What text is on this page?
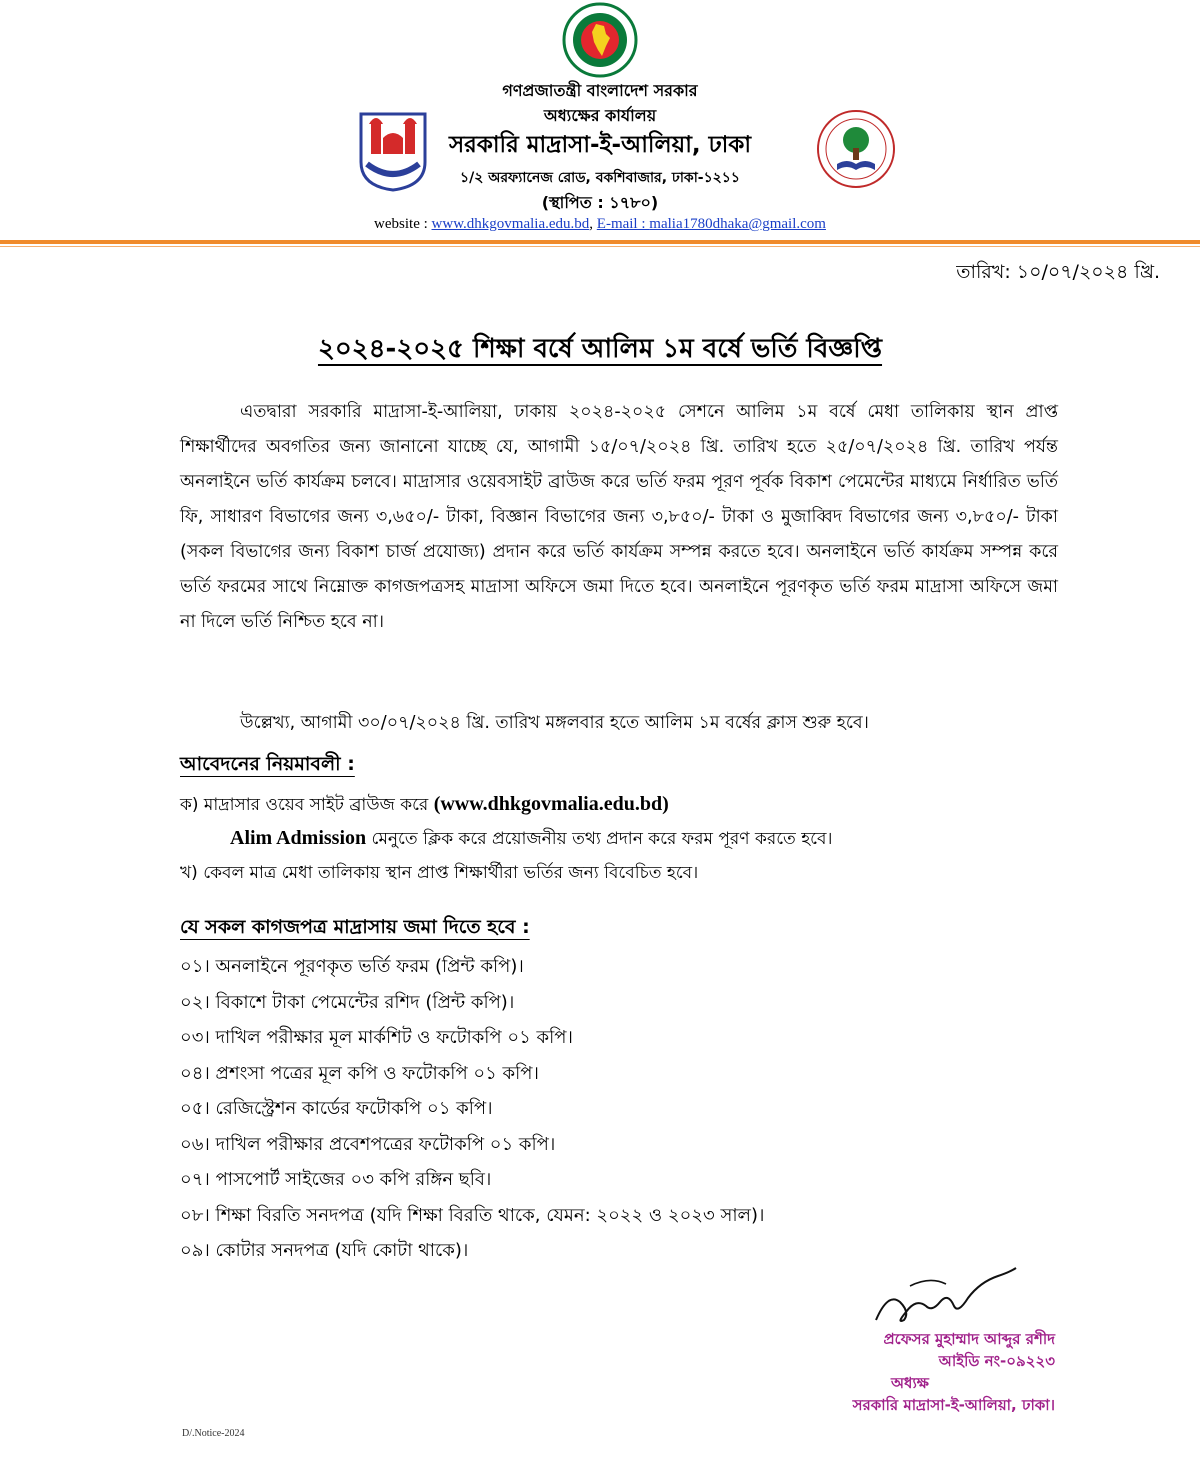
গণপ্রজাতন্ত্রী বাংলাদেশ সরকার
অধ্যক্ষের কার্যালয়
সরকারি মাদ্রাসা-ই-আলিয়া, ঢাকা
১/২ অরফ্যানেজ রোড, বকশিবাজার, ঢাকা-১২১১
(স্থাপিত : ১৭৮০)
website : www.dhkgovmalia.edu.bd, E-mail : malia1780dhaka@gmail.com
তারিখ: ১০/০৭/২০২৪ খ্রি.
২০২৪-২০২৫ শিক্ষা বর্ষে আলিম ১ম বর্ষে ভর্তি বিজ্ঞপ্তি
এতদ্বারা সরকারি মাদ্রাসা-ই-আলিয়া, ঢাকায় ২০২৪-২০২৫ সেশনে আলিম ১ম বর্ষে মেধা তালিকায় স্থান প্রাপ্ত শিক্ষার্থীদের অবগতির জন্য জানানো যাচ্ছে যে, আগামী ১৫/০৭/২০২৪ খ্রি. তারিখ হতে ২৫/০৭/২০২৪ খ্রি. তারিখ পর্যন্ত অনলাইনে ভর্তি কার্যক্রম চলবে। মাদ্রাসার ওয়েবসাইট ব্রাউজ করে ভর্তি ফরম পূরণ পূর্বক বিকাশ পেমেন্টের মাধ্যমে নির্ধারিত ভর্তি ফি, সাধারণ বিভাগের জন্য ৩,৬৫০/- টাকা, বিজ্ঞান বিভাগের জন্য ৩,৮৫০/- টাকা ও মুজাব্বিদ বিভাগের জন্য ৩,৮৫০/- টাকা (সকল বিভাগের জন্য বিকাশ চার্জ প্রযোজ্য) প্রদান করে ভর্তি কার্যক্রম সম্পন্ন করতে হবে। অনলাইনে ভর্তি কার্যক্রম সম্পন্ন করে ভর্তি ফরমের সাথে নিম্নোক্ত কাগজপত্রসহ মাদ্রাসা অফিসে জমা দিতে হবে। অনলাইনে পূরণকৃত ভর্তি ফরম মাদ্রাসা অফিসে জমা না দিলে ভর্তি নিশ্চিত হবে না।
উল্লেখ্য, আগামী ৩০/০৭/২০২৪ খ্রি. তারিখ মঙ্গলবার হতে আলিম ১ম বর্ষের ক্লাস শুরু হবে।
আবেদনের নিয়মাবলী :
ক) মাদ্রাসার ওয়েব সাইট ব্রাউজ করে (www.dhkgovmalia.edu.bd)
Alim Admission মেনুতে ক্লিক করে প্রয়োজনীয় তথ্য প্রদান করে ফরম পূরণ করতে হবে।
খ) কেবল মাত্র মেধা তালিকায় স্থান প্রাপ্ত শিক্ষার্থীরা ভর্তির জন্য বিবেচিত হবে।
যে সকল কাগজপত্র মাদ্রাসায় জমা দিতে হবে :
০১। অনলাইনে পূরণকৃত ভর্তি ফরম (প্রিন্ট কপি)।
০২। বিকাশে টাকা পেমেন্টের রশিদ (প্রিন্ট কপি)।
০৩। দাখিল পরীক্ষার মূল মার্কশিট ও ফটোকপি ০১ কপি।
০৪। প্রশংসা পত্রের মূল কপি ও ফটোকপি ০১ কপি।
০৫। রেজিস্ট্রেশন কার্ডের ফটোকপি ০১ কপি।
০৬। দাখিল পরীক্ষার প্রবেশপত্রের ফটোকপি ০১ কপি।
০৭। পাসপোর্ট সাইজের ০৩ কপি রঙ্গিন ছবি।
০৮। শিক্ষা বিরতি সনদপত্র (যদি শিক্ষা বিরতি থাকে, যেমন: ২০২২ ও ২০২৩ সাল)।
০৯। কোটার সনদপত্র (যদি কোটা থাকে)।
প্রফেসর মুহাম্মাদ আব্দুর রশীদ
আইডি নং-০৯২২৩
অধ্যক্ষ
সরকারি মাদ্রাসা-ই-আলিয়া, ঢাকা।
D/.Notice-2024
